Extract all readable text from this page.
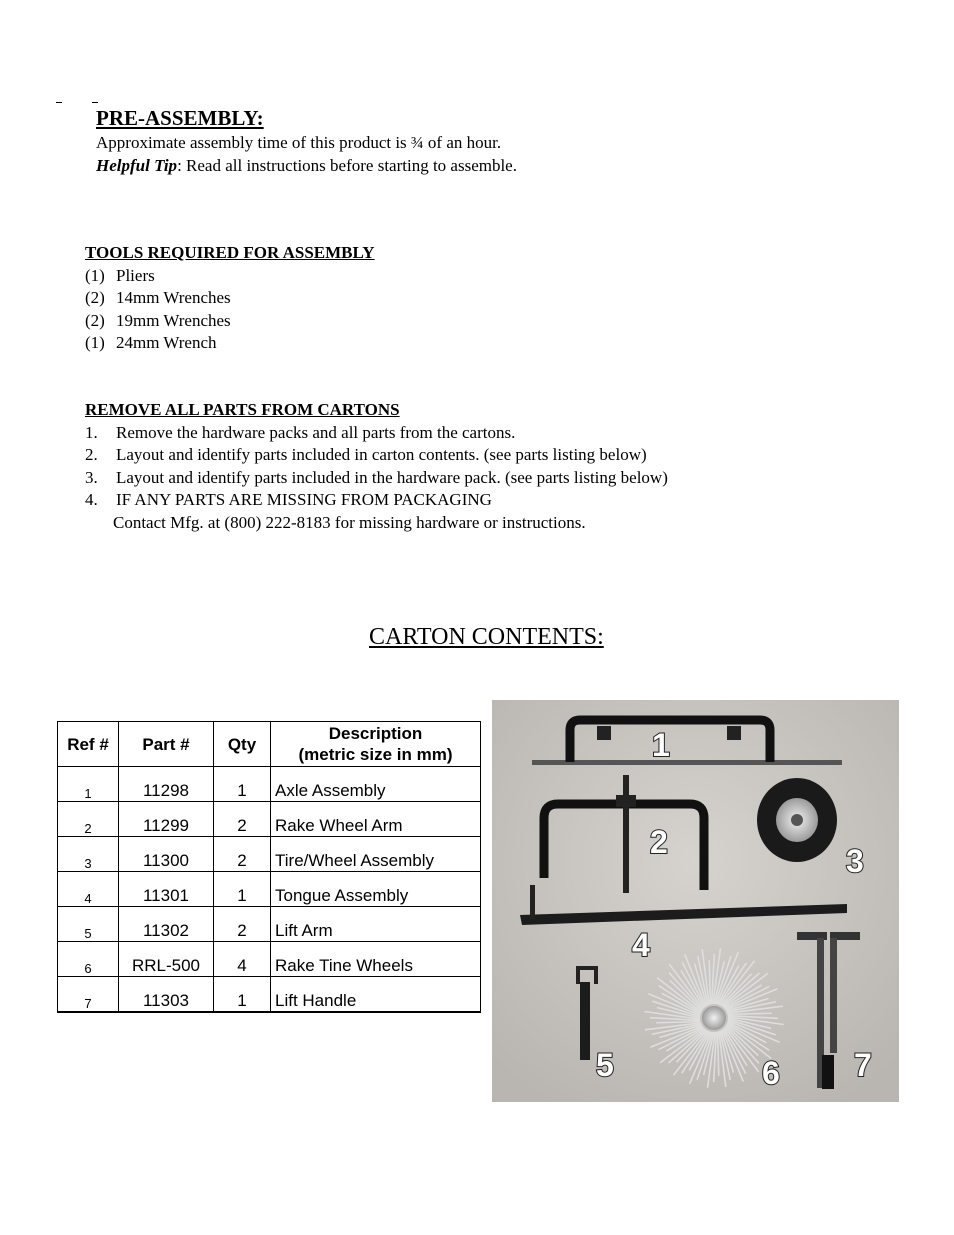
PRE-ASSEMBLY:
Approximate assembly time of this product is ¾ of an hour.
Helpful Tip: Read all instructions before starting to assemble.
TOOLS REQUIRED FOR ASSEMBLY
(1) Pliers
(2) 14mm Wrenches
(2) 19mm Wrenches
(1) 24mm Wrench
REMOVE ALL PARTS FROM CARTONS
1. Remove the hardware packs and all parts from the cartons.
2. Layout and identify parts included in carton contents. (see parts listing below)
3. Layout and identify parts included in the hardware pack. (see parts listing below)
4. IF ANY PARTS ARE MISSING FROM PACKAGING
Contact Mfg. at (800) 222-8183 for missing hardware or instructions.
CARTON CONTENTS:
Ref #	Part #	Qty	Description
(metric size in mm)
1	11298	1	Axle Assembly
2	11299	2	Rake Wheel Arm
3	11300	2	Tire/Wheel Assembly
4	11301	1	Tongue Assembly
5	11302	2	Lift Arm
6	RRL-500	4	Rake Tine Wheels
7	11303	1	Lift Handle
1
2
3
4
5	6 7
